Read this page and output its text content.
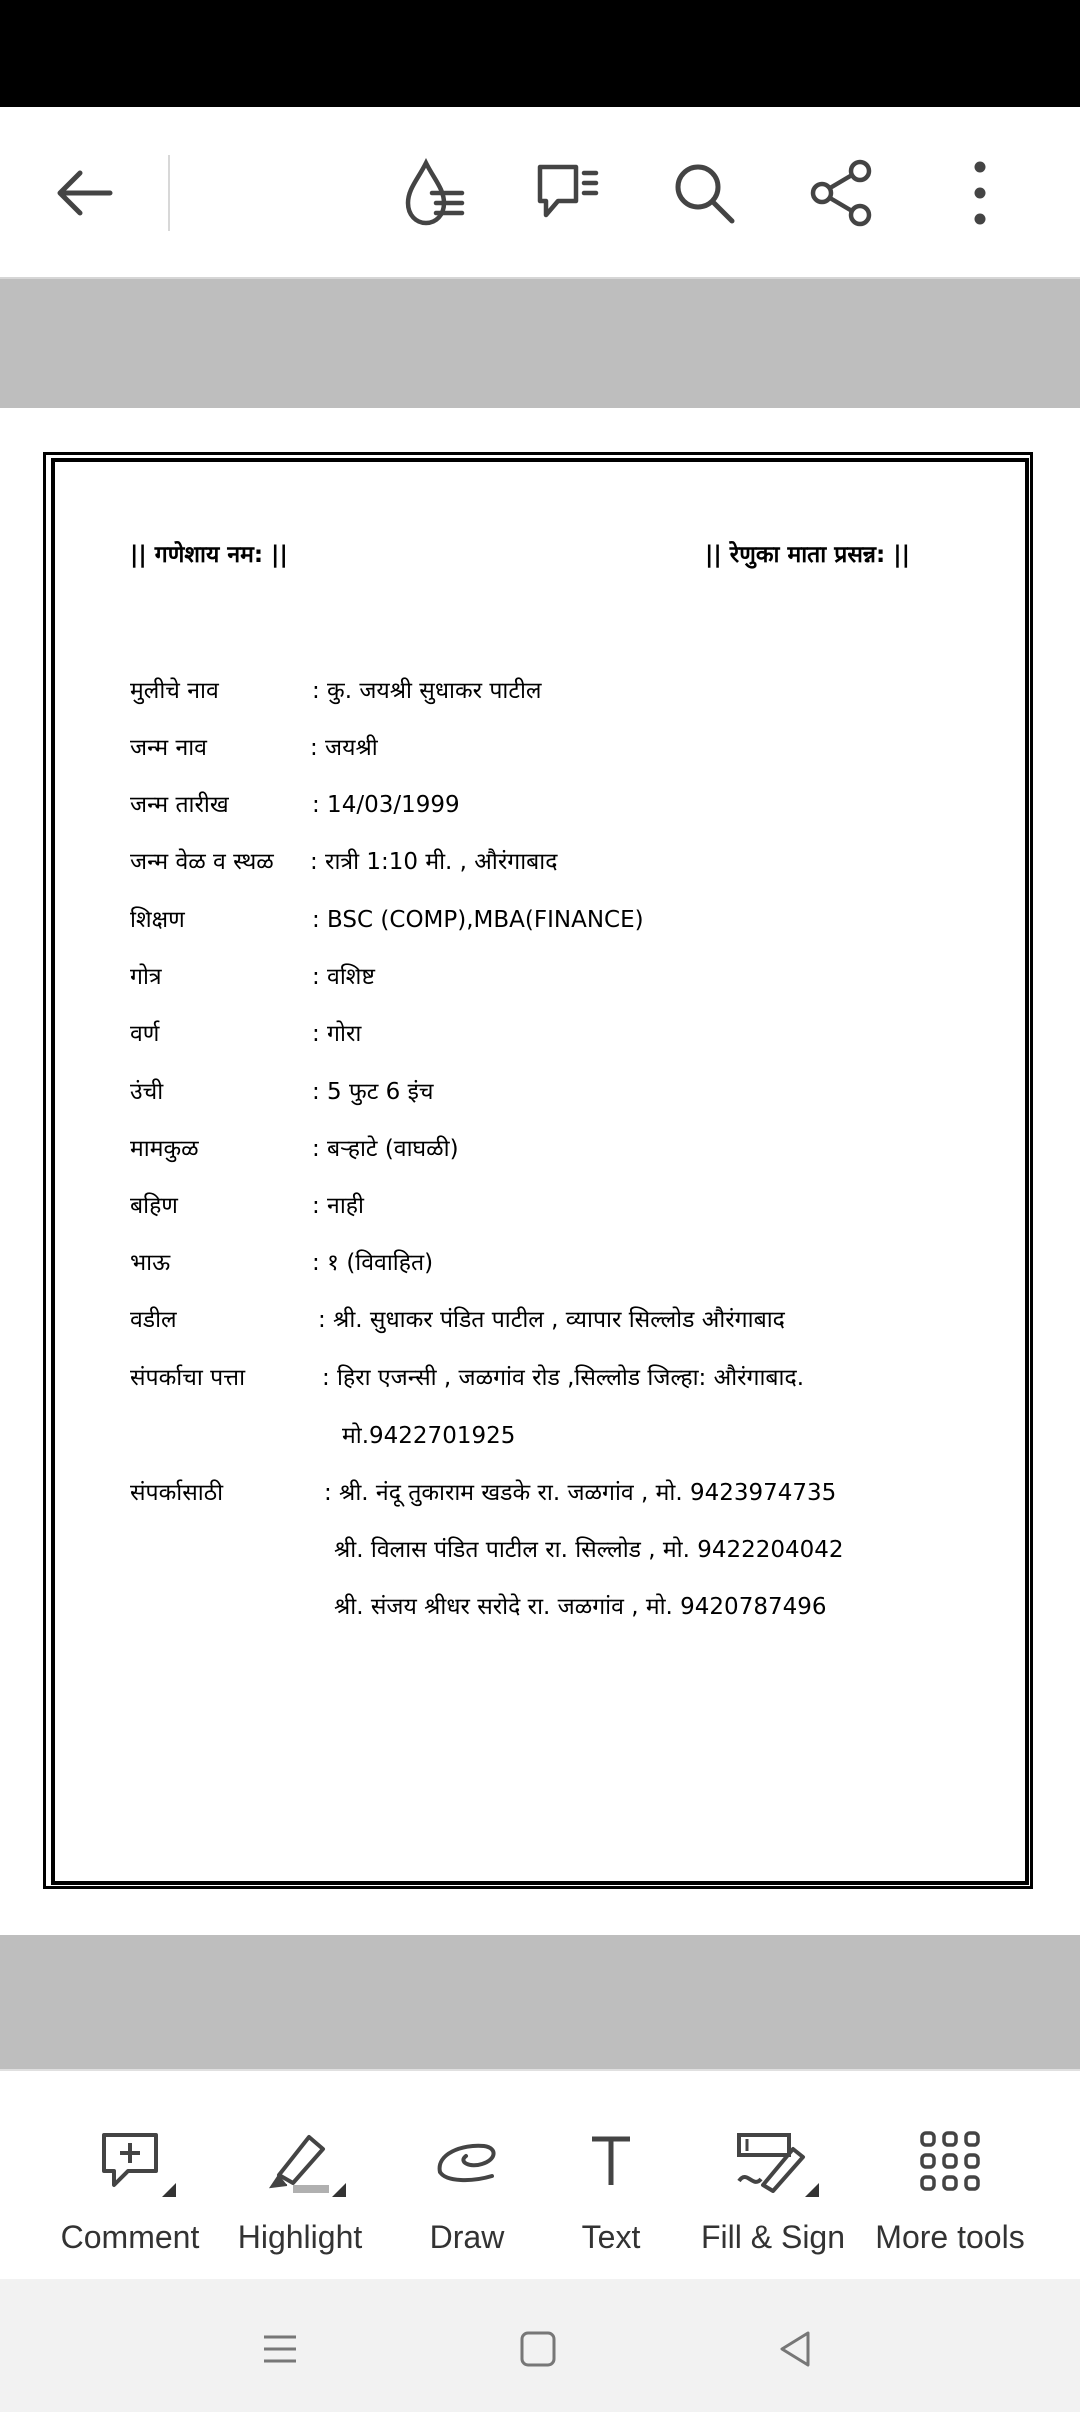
|| गणेशाय नम: ||	|| रेणुका माता प्रसन्न: ||
मुलीचे नाव	: कु. जयश्री सुधाकर पाटील
जन्म नाव	: जयश्री
जन्म तारीख	: 14/03/1999
जन्म वेळ व स्थळ : रात्री 1:10 मी. , औरंगाबाद
शिक्षण	: BSC (COMP),MBA(FINANCE)
गोत्र	: वशिष्ट
वर्ण	: गोरा
उंची	: 5 फुट 6 इंच
मामकुळ	: बऱ्हाटे (वाघळी)
बहिण	: नाही
भाऊ	: १ (विवाहित)
वडील	: श्री. सुधाकर पंडित पाटील , व्यापार सिल्लोड औरंगाबाद
संपर्काचा पत्ता	: हिरा एजन्सी , जळगांव रोड ,सिल्लोड जिल्हा: औरंगाबाद.
मो.9422701925
संपर्कासाठी	: श्री. नंदू तुकाराम खडके रा. जळगांव , मो. 9423974735
श्री. विलास पंडित पाटील रा. सिल्लोड , मो. 9422204042
श्री. संजय श्रीधर सरोदे रा. जळगांव , मो. 9420787496
Comment Highlight Draw Text Fill & Sign More tools
